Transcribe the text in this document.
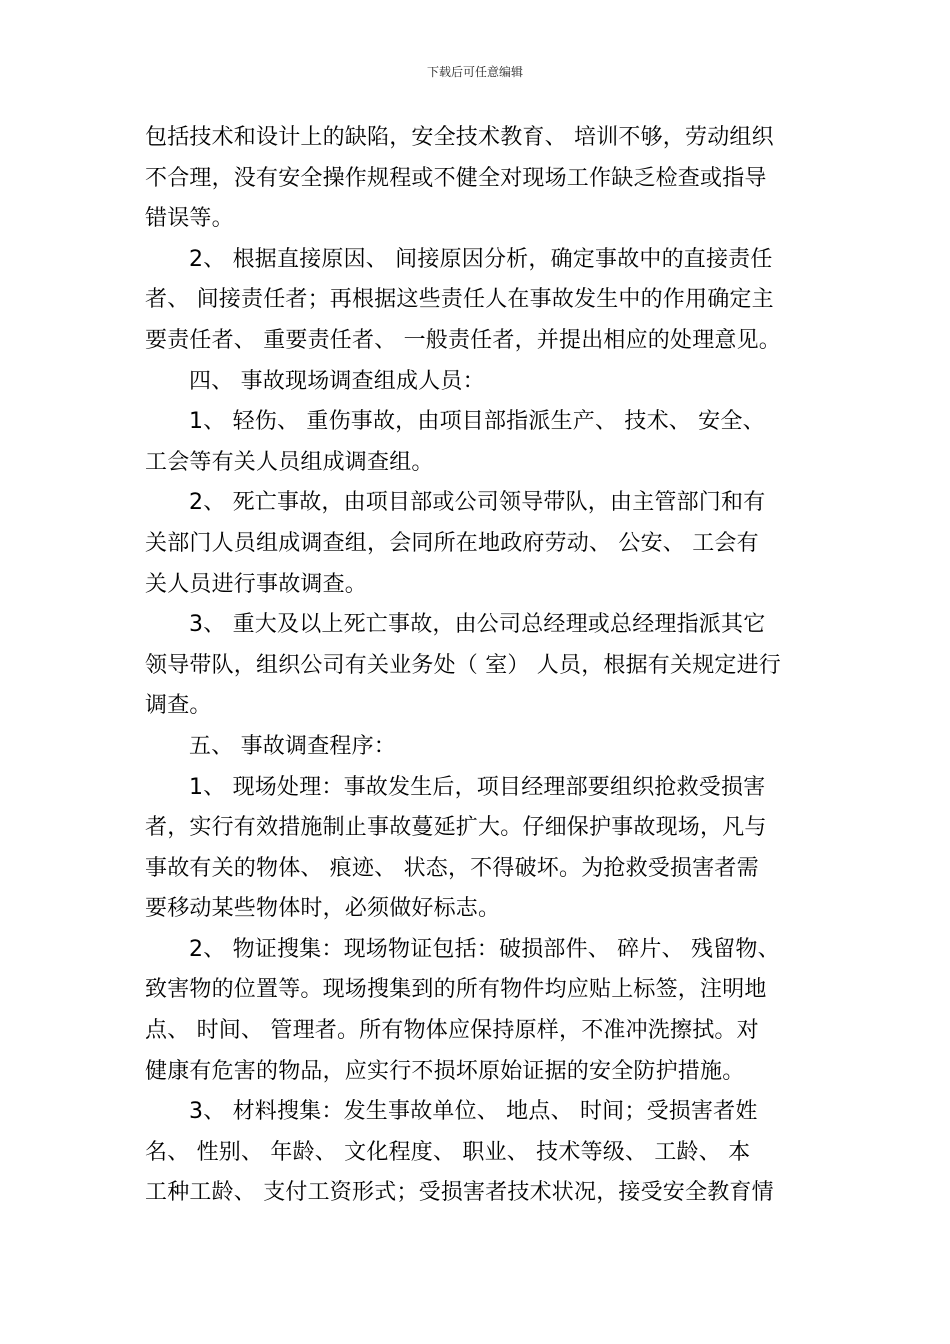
下载后可任意编辑
包括技术和设计上的缺陷，安全技术教育、 培训不够，劳动组织
不合理，没有安全操作规程或不健全对现场工作缺乏检查或指导
错误等。
2、 根据直接原因、 间接原因分析，确定事故中的直接责任
者、 间接责任者；再根据这些责任人在事故发生中的作用确定主
要责任者、 重要责任者、 一般责任者，并提出相应的处理意见。
四、 事故现场调查组成人员：
1、 轻伤、 重伤事故，由项目部指派生产、 技术、 安全、
工会等有关人员组成调查组。
2、 死亡事故，由项目部或公司领导带队，由主管部门和有
关部门人员组成调查组，会同所在地政府劳动、 公安、 工会有
关人员进行事故调查。
3、 重大及以上死亡事故，由公司总经理或总经理指派其它
领导带队，组织公司有关业务处（ 室） 人员，根据有关规定进行
调查。
五、 事故调查程序：
1、 现场处理：事故发生后，项目经理部要组织抢救受损害
者，实行有效措施制止事故蔓延扩大。仔细保护事故现场，凡与
事故有关的物体、 痕迹、 状态，不得破坏。为抢救受损害者需
要移动某些物体时，必须做好标志。
2、 物证搜集：现场物证包括：破损部件、 碎片、 残留物、
致害物的位置等。现场搜集到的所有物件均应贴上标签，注明地
点、 时间、 管理者。所有物体应保持原样，不准冲洗擦拭。对
健康有危害的物品，应实行不损坏原始证据的安全防护措施。
3、 材料搜集：发生事故单位、 地点、 时间；受损害者姓
名、 性别、 年龄、 文化程度、 职业、 技术等级、 工龄、 本
工种工龄、 支付工资形式；受损害者技术状况，接受安全教育情
